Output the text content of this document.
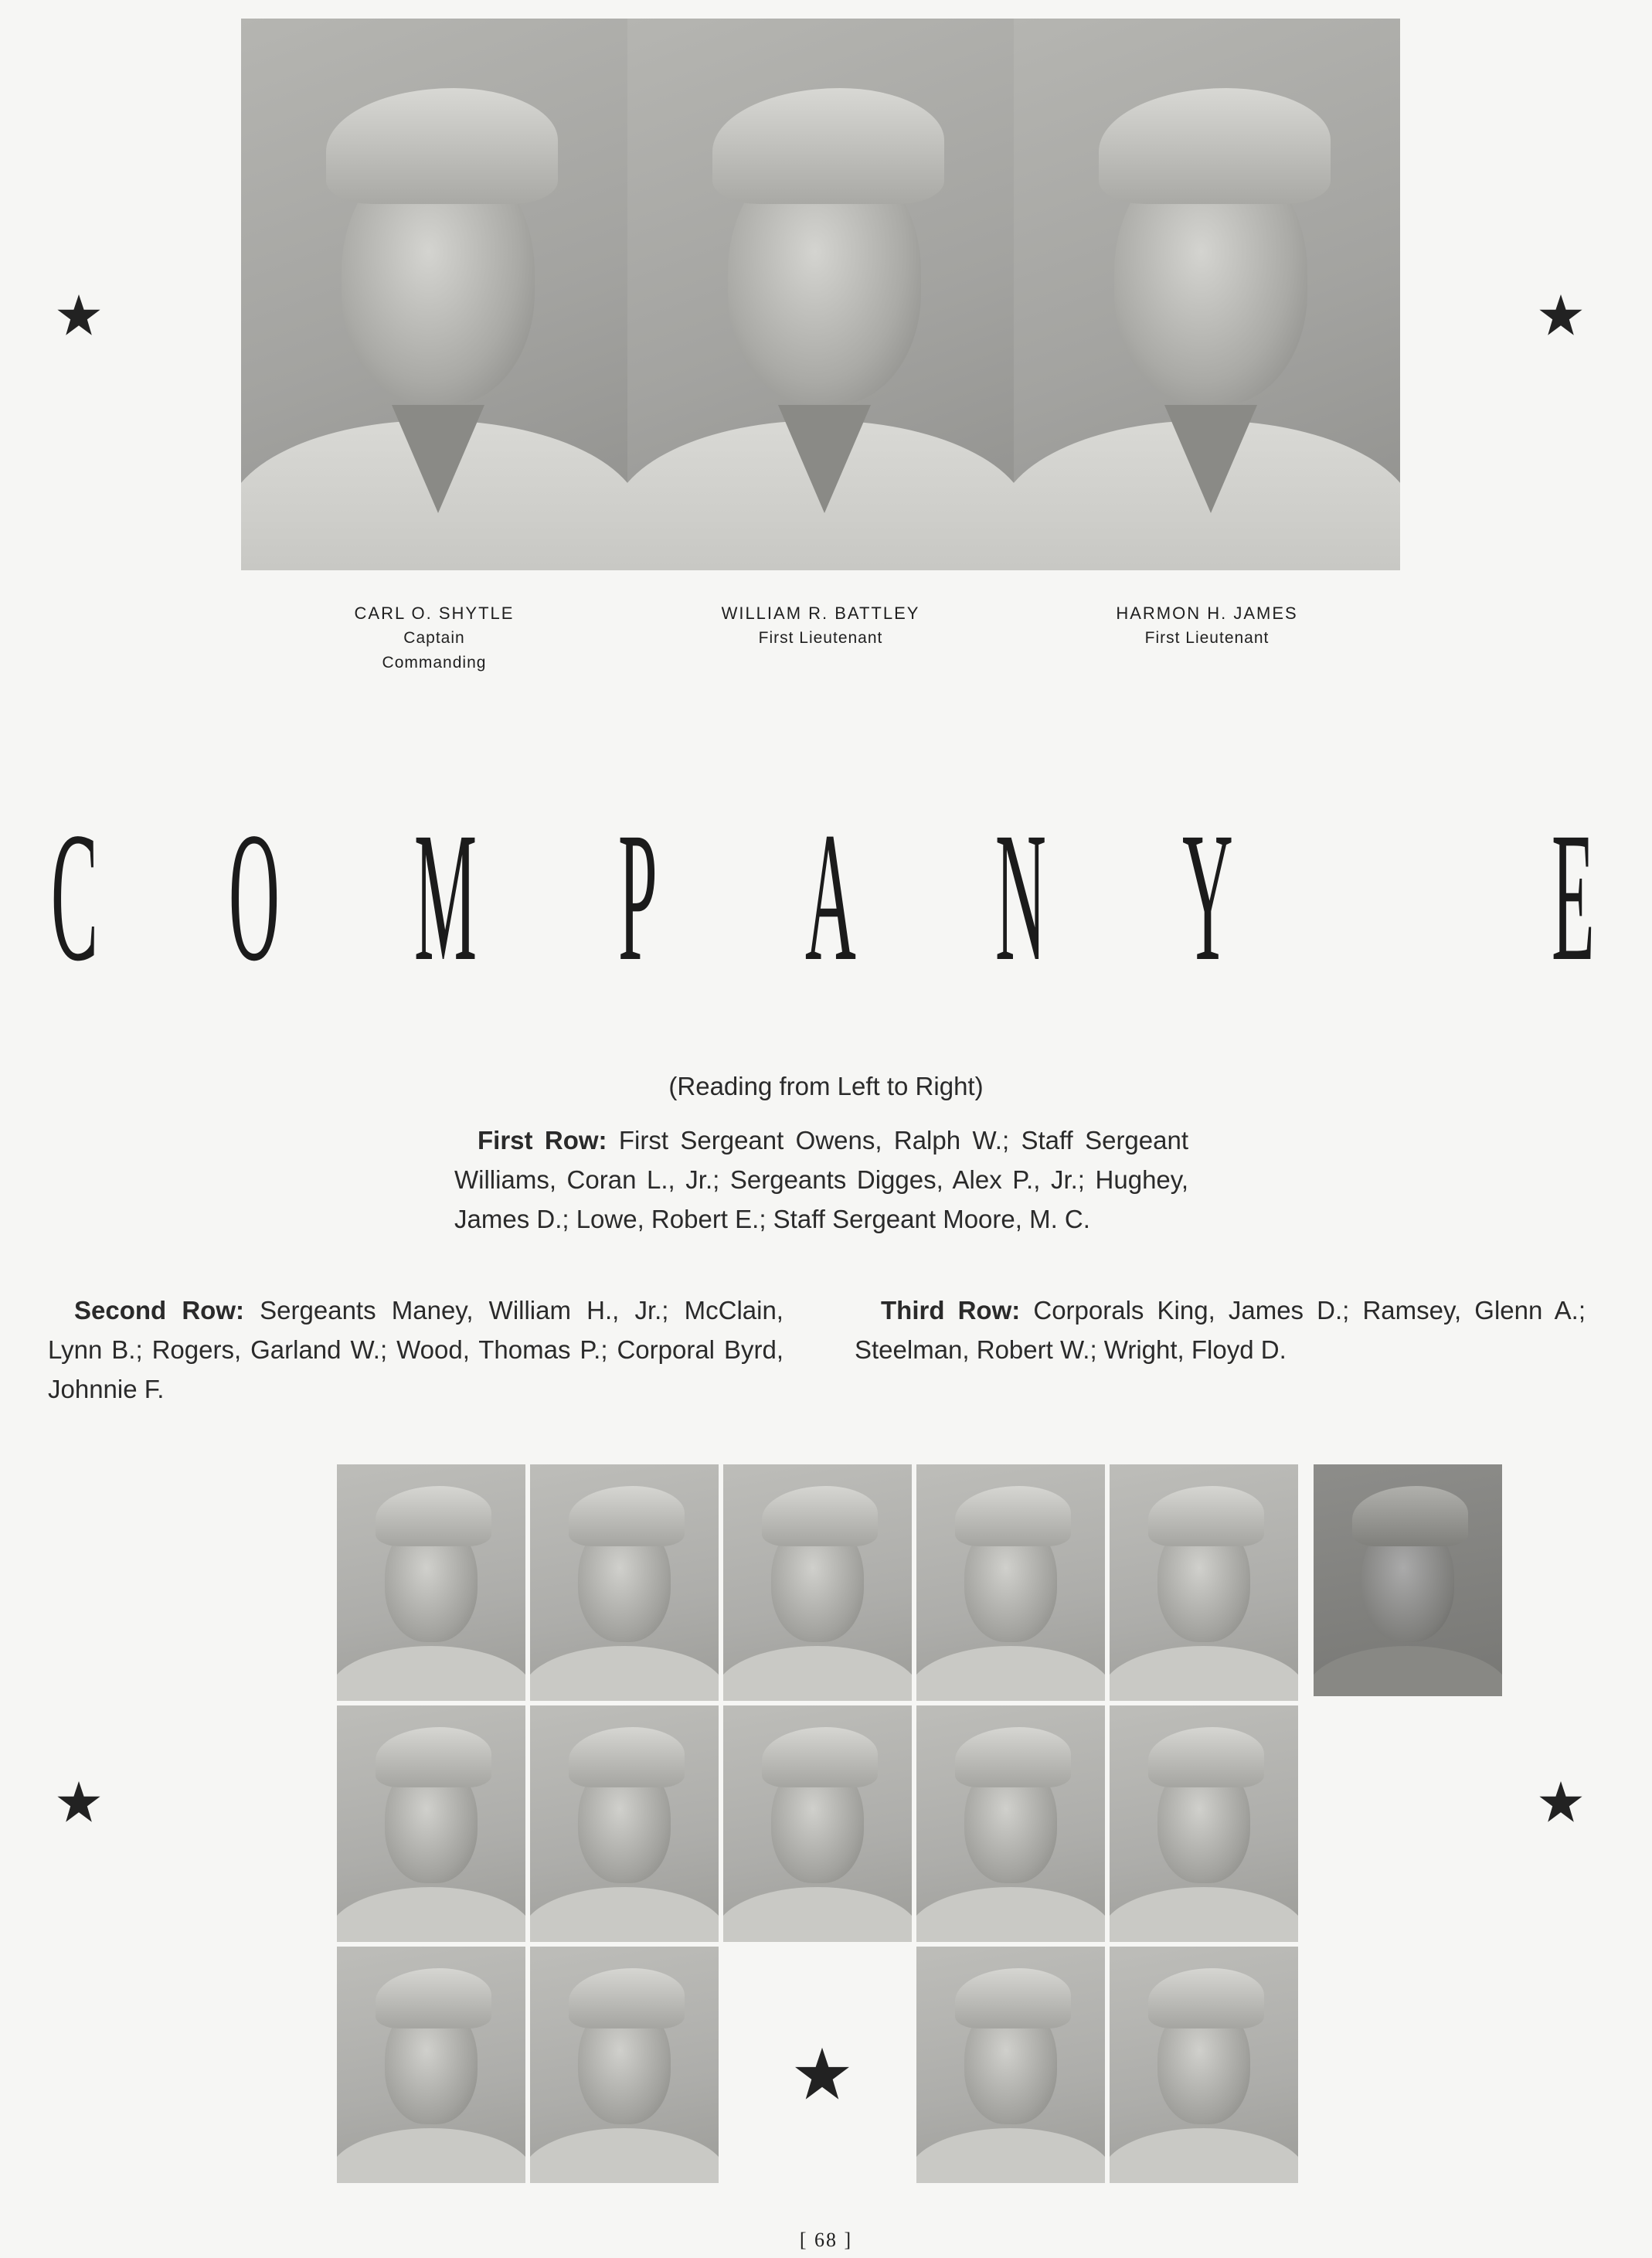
CARL O. SHYTLE
Captain
Commanding
WILLIAM R. BATTLEY
First Lieutenant
HARMON H. JAMES
First Lieutenant
C O M P A N Y E
(Reading from Left to Right)
First Row: First Sergeant Owens, Ralph W.; Staff Sergeant Williams, Coran L., Jr.; Sergeants Digges, Alex P., Jr.; Hughey, James D.; Lowe, Robert E.; Staff Sergeant Moore, M. C.
Second Row: Sergeants Maney, William H., Jr.; McClain, Lynn B.; Rogers, Garland W.; Wood, Thomas P.; Corporal Byrd, Johnnie F.
Third Row: Corporals King, James D.; Ramsey, Glenn A.; Steelman, Robert W.; Wright, Floyd D.
[ 68 ]
